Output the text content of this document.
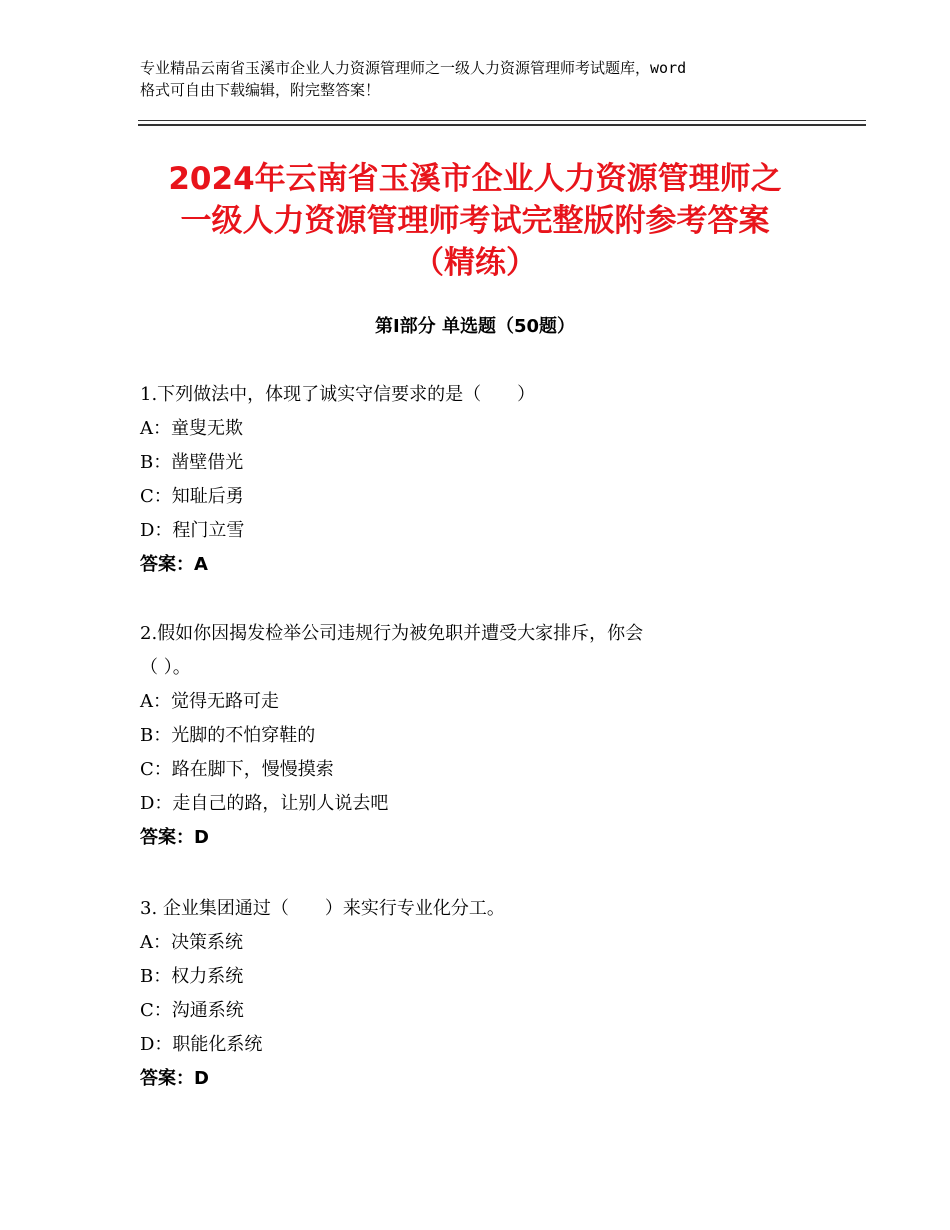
专业精品云南省玉溪市企业人力资源管理师之一级人力资源管理师考试题库，word
格式可自由下载编辑，附完整答案！
2024年云南省玉溪市企业人力资源管理师之
一级人力资源管理师考试完整版附参考答案
（精练）
第Ⅰ部分 单选题（50题）
1.下列做法中，体现了诚实守信要求的是（　　）
A：童叟无欺
B：凿壁借光
C：知耻后勇
D：程门立雪
答案：A
2.假如你因揭发检举公司违规行为被免职并遭受大家排斥，你会
（ ）。
A：觉得无路可走
B：光脚的不怕穿鞋的
C：路在脚下，慢慢摸索
D：走自己的路，让别人说去吧
答案：D
3. 企业集团通过（　　）来实行专业化分工。
A：决策系统
B：权力系统
C：沟通系统
D：职能化系统
答案：D
